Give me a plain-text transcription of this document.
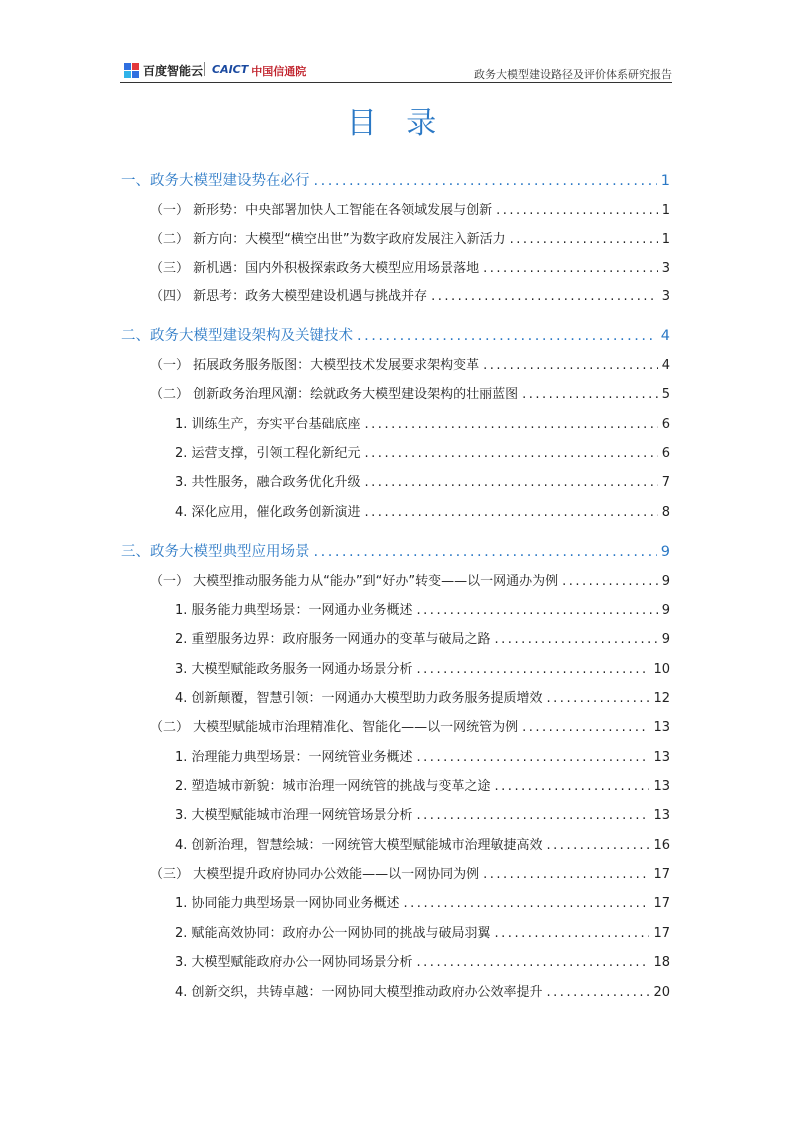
百度智能云 CAICT 中国信通院	政务大模型建设路径及评价体系研究报告
目 录
一、政务大模型建设势在必行 .....	1
（一） 新形势：中央部署加快人工智能在各领域发展与创新 .....	1
（二） 新方向：大模型“横空出世”为数字政府发展注入新活力 .....	1
（三） 新机遇：国内外积极探索政务大模型应用场景落地 .....	3
（四） 新思考：政务大模型建设机遇与挑战并存 .....	3
二、政务大模型建设架构及关键技术 .....	4
（一） 拓展政务服务版图：大模型技术发展要求架构变革 .....	4
（二） 创新政务治理风潮：绘就政务大模型建设架构的壮丽蓝图 .....	5
1. 训练生产，夯实平台基础底座 .....	6
2. 运营支撑，引领工程化新纪元 .....	6
3. 共性服务，融合政务优化升级 .....	7
4. 深化应用，催化政务创新演进 .....	8
三、政务大模型典型应用场景 .....	9
（一） 大模型推动服务能力从“能办”到“好办”转变——以一网通办为例 .....	9
1. 服务能力典型场景：一网通办业务概述 .....	9
2. 重塑服务边界：政府服务一网通办的变革与破局之路 .....	9
3. 大模型赋能政务服务一网通办场景分析 .....	10
4. 创新颠覆，智慧引领：一网通办大模型助力政务服务提质增效 .....	12
（二） 大模型赋能城市治理精准化、智能化——以一网统管为例 .....	13
1. 治理能力典型场景：一网统管业务概述 .....	13
2. 塑造城市新貌：城市治理一网统管的挑战与变革之途 .....	13
3. 大模型赋能城市治理一网统管场景分析 .....	13
4. 创新治理，智慧绘城：一网统管大模型赋能城市治理敏捷高效 .....	16
（三） 大模型提升政府协同办公效能——以一网协同为例 .....	17
1. 协同能力典型场景一网协同业务概述 .....	17
2. 赋能高效协同：政府办公一网协同的挑战与破局羽翼 .....	17
3. 大模型赋能政府办公一网协同场景分析 .....	18
4. 创新交织，共铸卓越：一网协同大模型推动政府办公效率提升 .....	20
